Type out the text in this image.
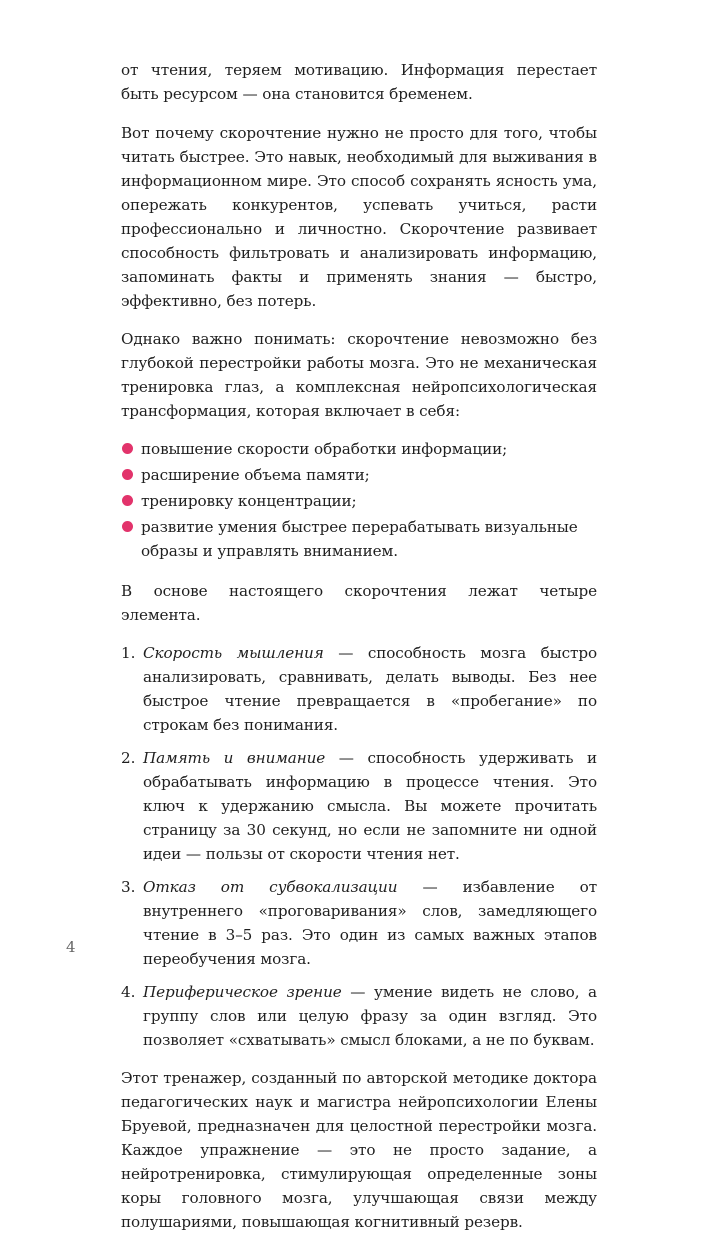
от чтения, теряем мотивацию. Информация перестает быть ресурсом — она становится бременем.

Вот почему скорочтение нужно не просто для того, чтобы читать быстрее. Это навык, необходимый для выживания в информационном мире. Это способ сохранять ясность ума, опережать конкурентов, успевать учиться, расти профессионально и личностно. Скорочтение развивает способность фильтровать и анализировать информацию, запоминать факты и применять знания — быстро, эффективно, без потерь.

Однако важно понимать: скорочтение невозможно без глубокой перестройки работы мозга. Это не механическая тренировка глаз, а комплексная нейропсихологическая трансформация, которая включает в себя:

повышение скорости обработки информации;
расширение объема памяти;
тренировку концентрации;
развитие умения быстрее перерабатывать визуальные образы и управлять вниманием.

В основе настоящего скорочтения лежат четыре элемента.

1. Скорость мышления — способность мозга быстро анализировать, сравнивать, делать выводы. Без нее быстрое чтение превращается в «пробегание» по строкам без понимания.
2. Память и внимание — способность удерживать и обрабатывать информацию в процессе чтения. Это ключ к удержанию смысла. Вы можете прочитать страницу за 30 секунд, но если не запомните ни одной идеи — пользы от скорости чтения нет.
3. Отказ от субвокализации — избавление от внутреннего «проговаривания» слов, замедляющего чтение в 3–5 раз. Это один из самых важных этапов переобучения мозга.
4. Периферическое зрение — умение видеть не слово, а группу слов или целую фразу за один взгляд. Это позволяет «схватывать» смысл блоками, а не по буквам.

Этот тренажер, созданный по авторской методике доктора педагогических наук и магистра нейропсихологии Елены Бруевой, предназначен для целостной перестройки мозга. Каждое упражнение — это не просто задание, а нейротренировка, стимулирующая определенные зоны коры головного мозга, улучшающая связи между полушариями, повышающая когнитивный резерв.

4
